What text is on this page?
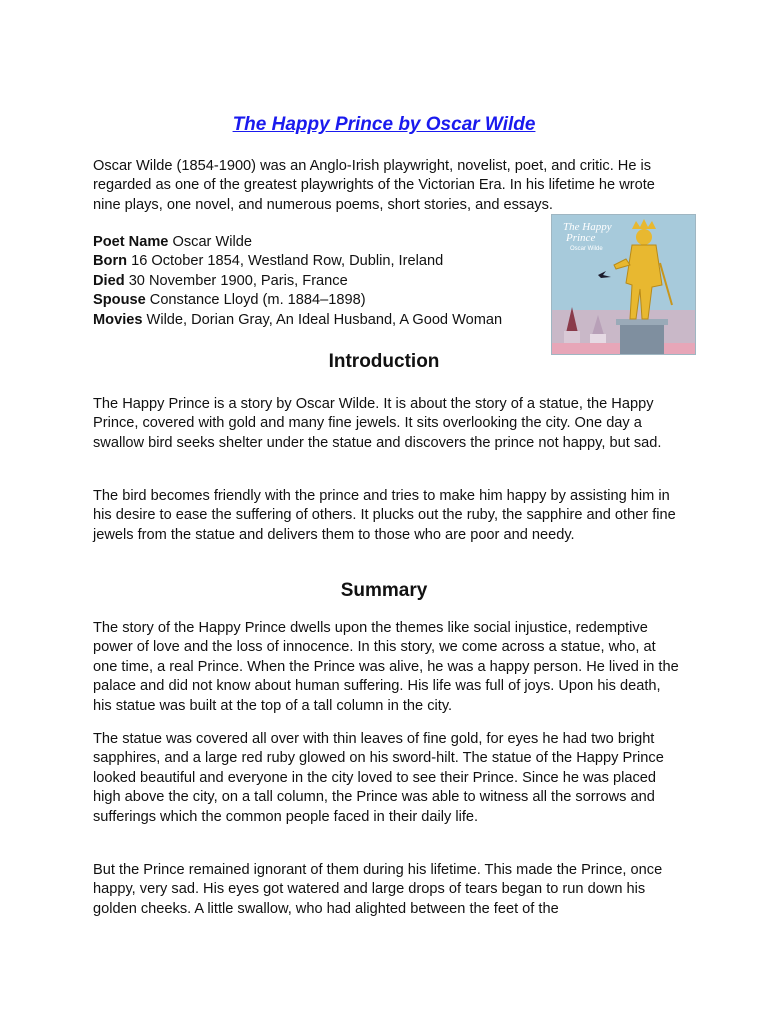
The Happy Prince by Oscar Wilde

Oscar Wilde (1854-1900) was an Anglo-Irish playwright, novelist, poet, and critic. He is regarded as one of the greatest playwrights of the Victorian Era. In his lifetime he wrote nine plays, one novel, and numerous poems, short stories, and essays.

Poet Name Oscar Wilde
Born 16 October 1854, Westland Row, Dublin, Ireland
Died 30 November 1900, Paris, France
Spouse Constance Lloyd (m. 1884–1898)
Movies Wilde, Dorian Gray, An Ideal Husband, A Good Woman
The Happy
Prince
Oscar Wilde
Introduction

The Happy Prince is a story by Oscar Wilde. It is about the story of a statue, the Happy Prince, covered with gold and many fine jewels. It sits overlooking the city. One day a swallow bird seeks shelter under the statue and discovers the prince not happy, but sad.

The bird becomes friendly with the prince and tries to make him happy by assisting him in his desire to ease the suffering of others. It plucks out the ruby, the sapphire and other fine jewels from the statue and delivers them to those who are poor and needy.

Summary

The story of the Happy Prince dwells upon the themes like social injustice, redemptive power of love and the loss of innocence. In this story, we come across a statue, who, at one time, a real Prince. When the Prince was alive, he was a happy person. He lived in the palace and did not know about human suffering. His life was full of joys. Upon his death, his statue was built at the top of a tall column in the city.

The statue was covered all over with thin leaves of fine gold, for eyes he had two bright sapphires, and a large red ruby glowed on his sword-hilt. The statue of the Happy Prince looked beautiful and everyone in the city loved to see their Prince. Since he was placed high above the city, on a tall column, the Prince was able to witness all the sorrows and sufferings which the common people faced in their daily life.

But the Prince remained ignorant of them during his lifetime. This made the Prince, once happy, very sad. His eyes got watered and large drops of tears began to run down his golden cheeks. A little swallow, who had alighted between the feet of the
